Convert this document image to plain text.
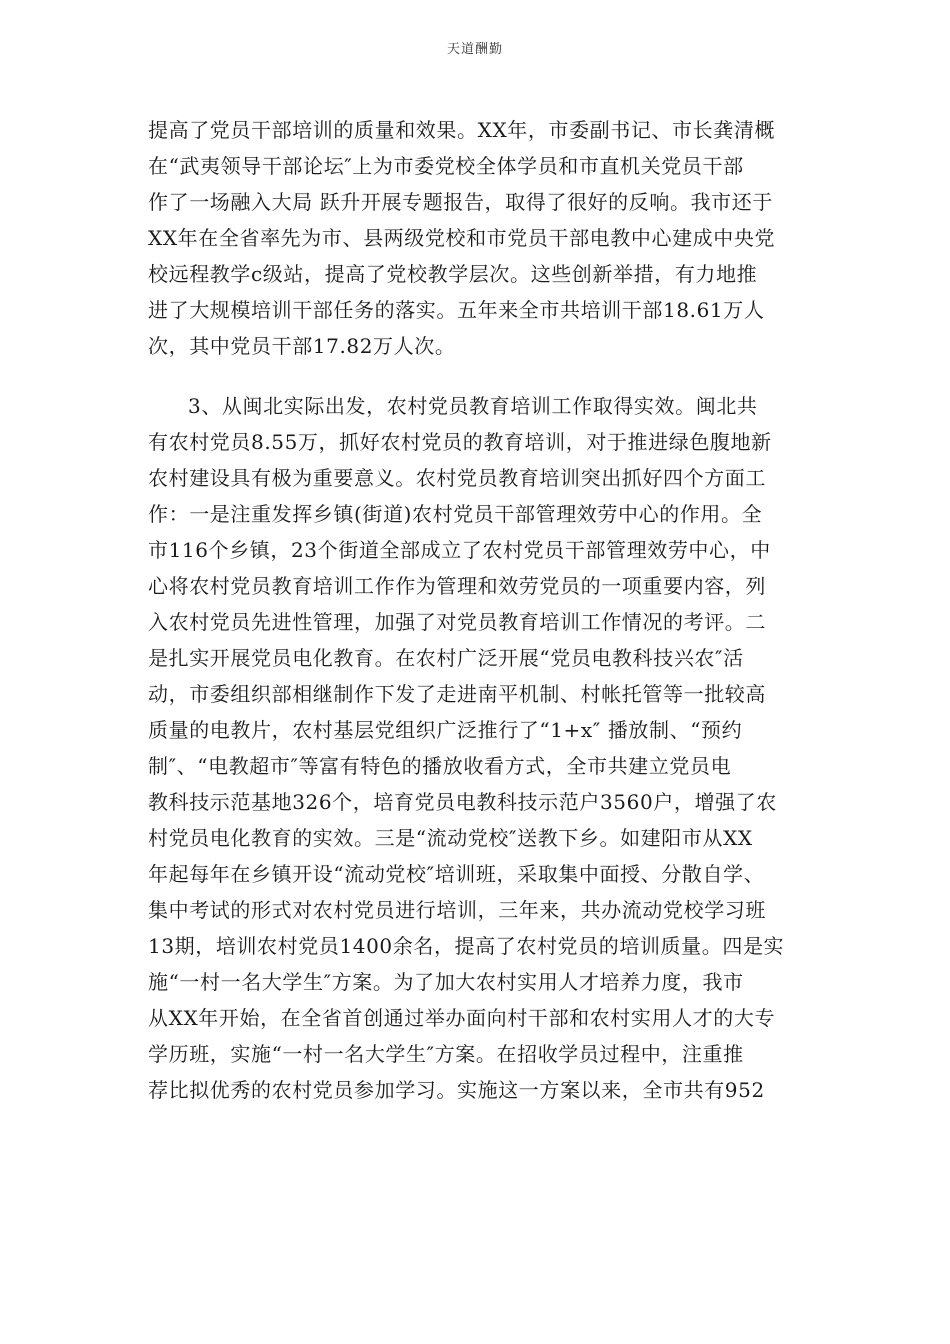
天道酬勤
提高了党员干部培训的质量和效果。XX年，市委副书记、市长龚清概
在“武夷领导干部论坛″上为市委党校全体学员和市直机关党员干部
作了一场融入大局 跃升开展专题报告，取得了很好的反响。我市还于
XX年在全省率先为市、县两级党校和市党员干部电教中心建成中央党
校远程教学c级站，提高了党校教学层次。这些创新举措，有力地推
进了大规模培训干部任务的落实。五年来全市共培训干部18.61万人
次，其中党员干部17.82万人次。
3、从闽北实际出发，农村党员教育培训工作取得实效。闽北共
有农村党员8.55万，抓好农村党员的教育培训，对于推进绿色腹地新
农村建设具有极为重要意义。农村党员教育培训突出抓好四个方面工
作：一是注重发挥乡镇(街道)农村党员干部管理效劳中心的作用。全
市116个乡镇，23个街道全部成立了农村党员干部管理效劳中心，中
心将农村党员教育培训工作作为管理和效劳党员的一项重要内容，列
入农村党员先进性管理，加强了对党员教育培训工作情况的考评。二
是扎实开展党员电化教育。在农村广泛开展“党员电教科技兴农″活
动，市委组织部相继制作下发了走进南平机制、村帐托管等一批较高
质量的电教片，农村基层党组织广泛推行了“1+x″ 播放制、“预约
制″、“电教超市″等富有特色的播放收看方式，全市共建立党员电
教科技示范基地326个，培育党员电教科技示范户3560户，增强了农
村党员电化教育的实效。三是“流动党校″送教下乡。如建阳市从XX
年起每年在乡镇开设“流动党校″培训班，采取集中面授、分散自学、
集中考试的形式对农村党员进行培训，三年来，共办流动党校学习班
13期，培训农村党员1400余名，提高了农村党员的培训质量。四是实
施“一村一名大学生″方案。为了加大农村实用人才培养力度，我市
从XX年开始，在全省首创通过举办面向村干部和农村实用人才的大专
学历班，实施“一村一名大学生″方案。在招收学员过程中，注重推
荐比拟优秀的农村党员参加学习。实施这一方案以来，全市共有952
